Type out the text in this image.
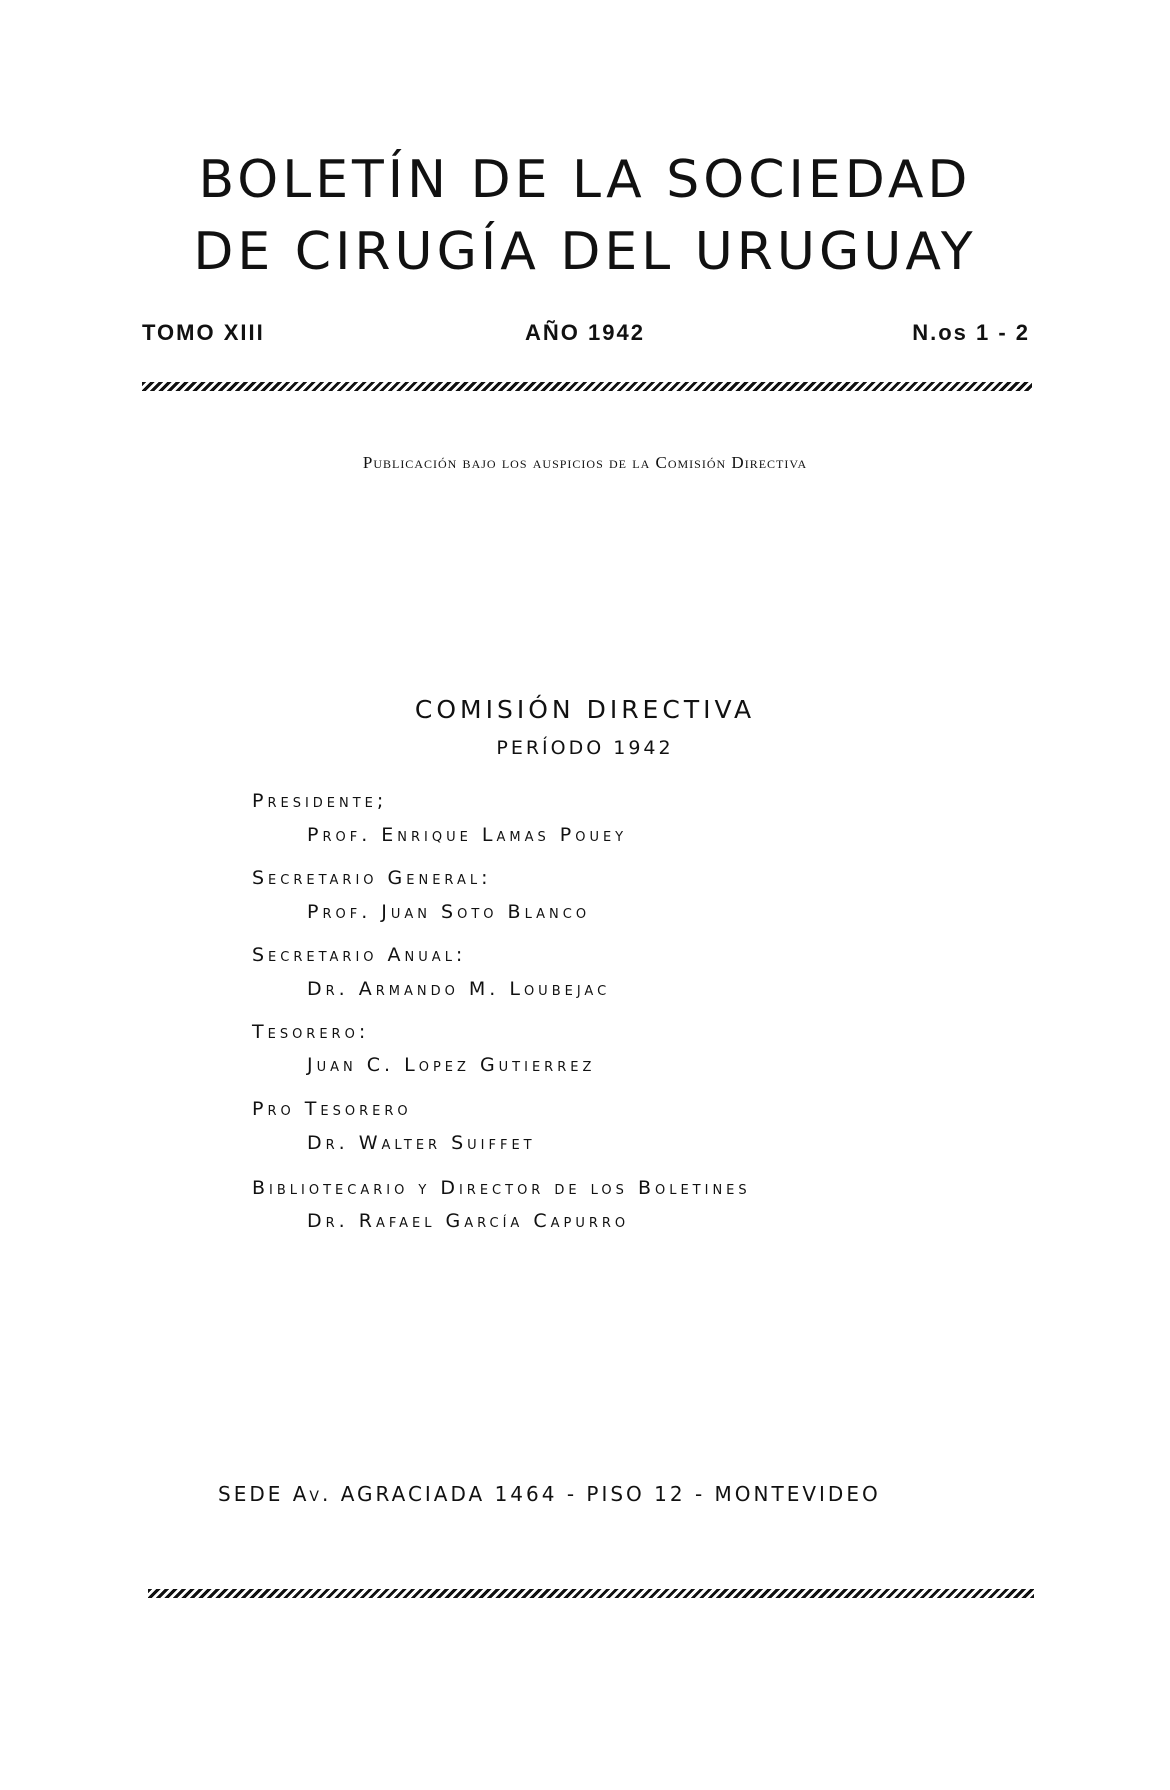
BOLETÍN DE LA SOCIEDAD
DE CIRUGÍA DEL URUGUAY
TOMO XIII	AÑO 1942	N.os 1 - 2
Publicación bajo los auspicios de la Comisión Directiva
COMISIÓN DIRECTIVA
PERÍODO 1942
Presidente;
Prof. Enrique Lamas Pouey
Secretario General:
Prof. Juan Soto Blanco
Secretario Anual:
Dr. Armando M. Loubejac
Tesorero:
Juan C. Lopez Gutierrez
Pro Tesorero
Dr. Walter Suiffet
Bibliotecario y Director de los Boletines
Dr. Rafael García Capurro
SEDE Av. AGRACIADA 1464 - PISO 12 - MONTEVIDEO
